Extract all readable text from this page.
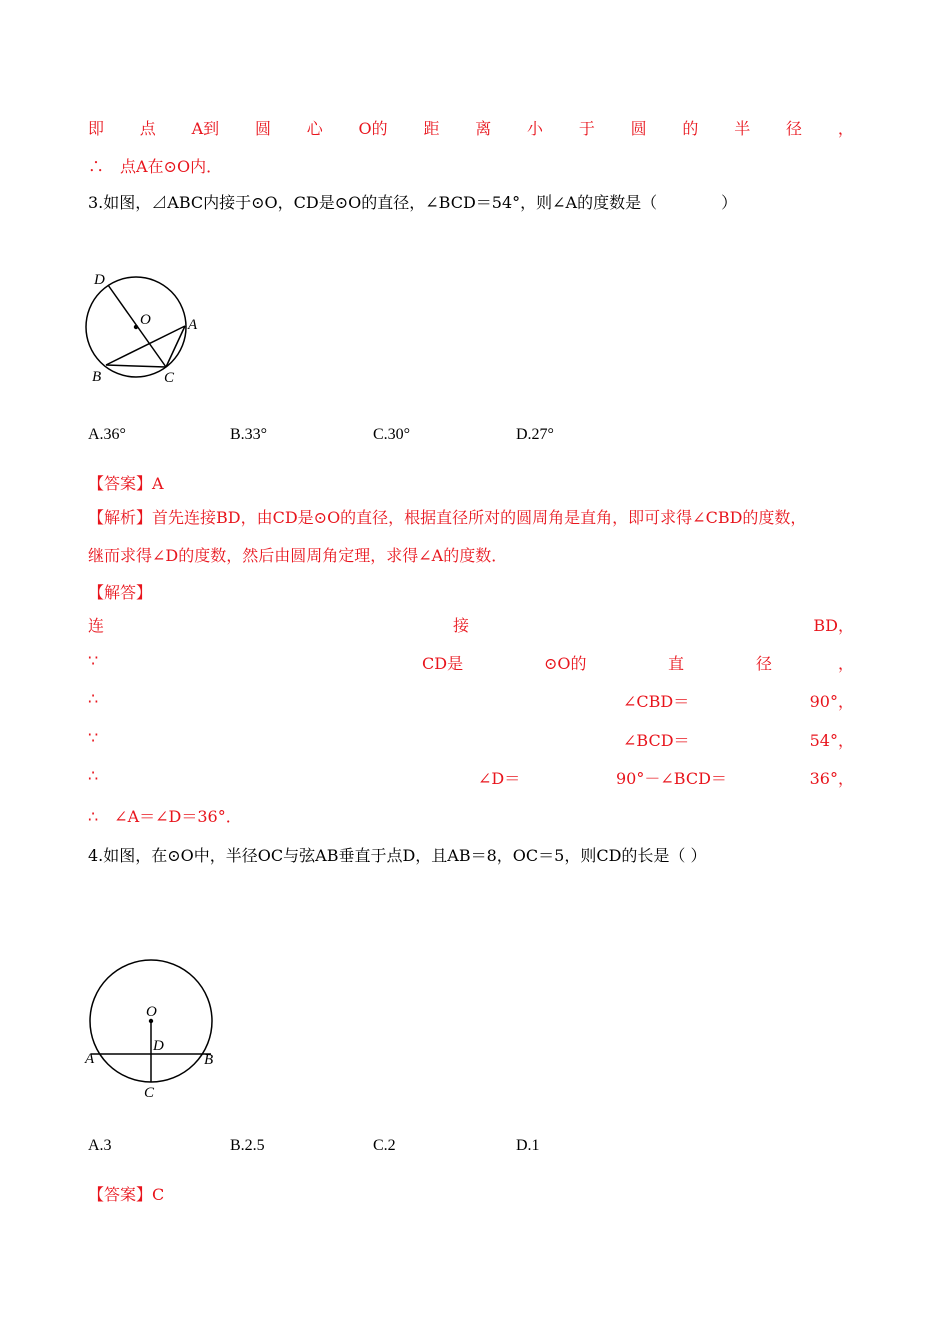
即 点 A到 圆 心 O的 距 离 小 于 圆 的 半 径 ，
∴　点A在⊙O内．
3.如图，⊿ABC内接于⊙O，CD是⊙O的直径，∠BCD＝54°，则∠A的度数是（　　　　）
D
O A
B	C
A.36°	B.33°	C.30°	D.27°
【答案】A
【解析】首先连接BD，由CD是⊙O的直径，根据直径所对的圆周角是直角，即可求得∠CBD的度数，
继而求得∠D的度数，然后由圆周角定理，求得∠A的度数．
【解答】
连	接	BD，
∵	CD是	⊙O的	直	径	，
∴	∠CBD＝	90°，
∵	∠BCD＝	54°，
∴	∠D＝	90°－∠BCD＝	36°，
∴　∠A＝∠D＝36°．
4.如图，在⊙O中，半径OC与弦AB垂直于点D，且AB＝8，OC＝5，则CD的长是（ ）
O
D
A	B
C
A.3	B.2.5	C.2	D.1
【答案】C
